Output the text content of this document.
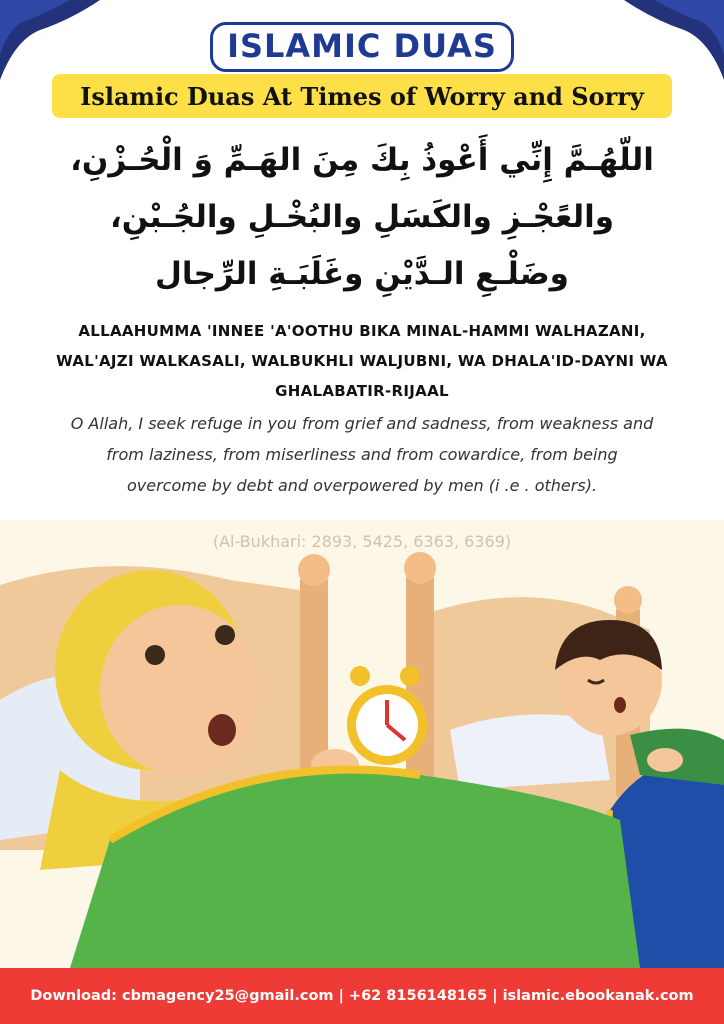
ISLAMIC DUAS
Islamic Duas At Times of Worry and Sorry
اللّهُـمَّ إِنِّي أَعْوذُ بِكَ مِنَ الهَـمِّ وَ الْحُـزْنِ، والعًجْـزِ والكَسَلِ والبُخْـلِ والجُـبْنِ، وضَلْـعِ الـدَّيْنِ وغَلَبَـةِ الرِّجال
ALLAAHUMMA 'INNEE 'A'OOTHU BIKA MINAL-HAMMI WALHAZANI, WAL'AJZI WALKASALI, WALBUKHLI WALJUBNI, WA DHALA'ID-DAYNI WA GHALABATIR-RIJAAL
O Allah, I seek refuge in you from grief and sadness, from weakness and from laziness, from miserliness and from cowardice, from being overcome by debt and overpowered by men (i .e . others).
Download: cbmagency25@gmail.com | +62 8156148165 | islamic.ebookanak.com
